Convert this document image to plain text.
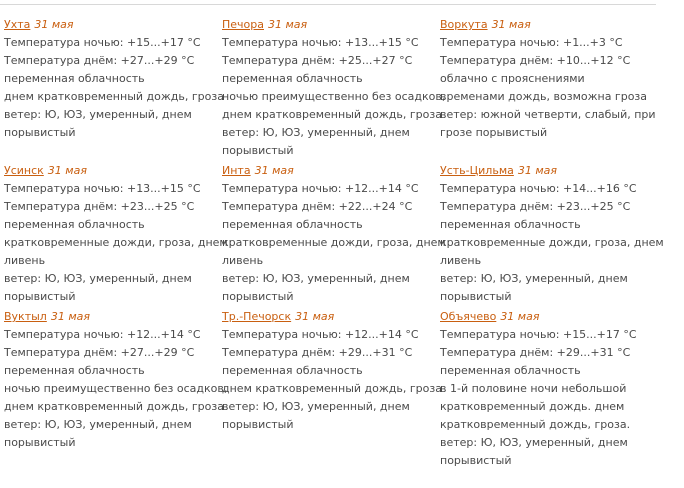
Ухта 31 мая
Температура ночью: +15...+17 °C
Температура днём: +27...+29 °C
переменная облачность
днем кратковременный дождь, гроза
ветер: Ю, ЮЗ, умеренный, днем
порывистый
Печора 31 мая
Температура ночью: +13...+15 °C
Температура днём: +25...+27 °C
переменная облачность
ночью преимущественно без осадков,
днем кратковременный дождь, гроза
ветер: Ю, ЮЗ, умеренный, днем
порывистый
Воркута 31 мая
Температура ночью: +1...+3 °C
Температура днём: +10...+12 °C
облачно с прояснениями
временами дождь, возможна гроза
ветер: южной четверти, слабый, при
грозе порывистый
Усинск 31 мая
Температура ночью: +13...+15 °C
Температура днём: +23...+25 °C
переменная облачность
кратковременные дожди, гроза, днем
ливень
ветер: Ю, ЮЗ, умеренный, днем
порывистый
Инта 31 мая
Температура ночью: +12...+14 °C
Температура днём: +22...+24 °C
переменная облачность
кратковременные дожди, гроза, днем
ливень
ветер: Ю, ЮЗ, умеренный, днем
порывистый
Усть-Цильма 31 мая
Температура ночью: +14...+16 °C
Температура днём: +23...+25 °C
переменная облачность
кратковременные дожди, гроза, днем
ливень
ветер: Ю, ЮЗ, умеренный, днем
порывистый
Вуктыл 31 мая
Температура ночью: +12...+14 °C
Температура днём: +27...+29 °C
переменная облачность
ночью преимущественно без осадков,
днем кратковременный дождь, гроза
ветер: Ю, ЮЗ, умеренный, днем
порывистый
Тр.-Печорск 31 мая
Температура ночью: +12...+14 °C
Температура днём: +29...+31 °C
переменная облачность
днем кратковременный дождь, гроза
ветер: Ю, ЮЗ, умеренный, днем
порывистый
Объячево 31 мая
Температура ночью: +15...+17 °C
Температура днём: +29...+31 °C
переменная облачность
в 1-й половине ночи небольшой
кратковременный дождь. днем
кратковременный дождь, гроза.
ветер: Ю, ЮЗ, умеренный, днем
порывистый
